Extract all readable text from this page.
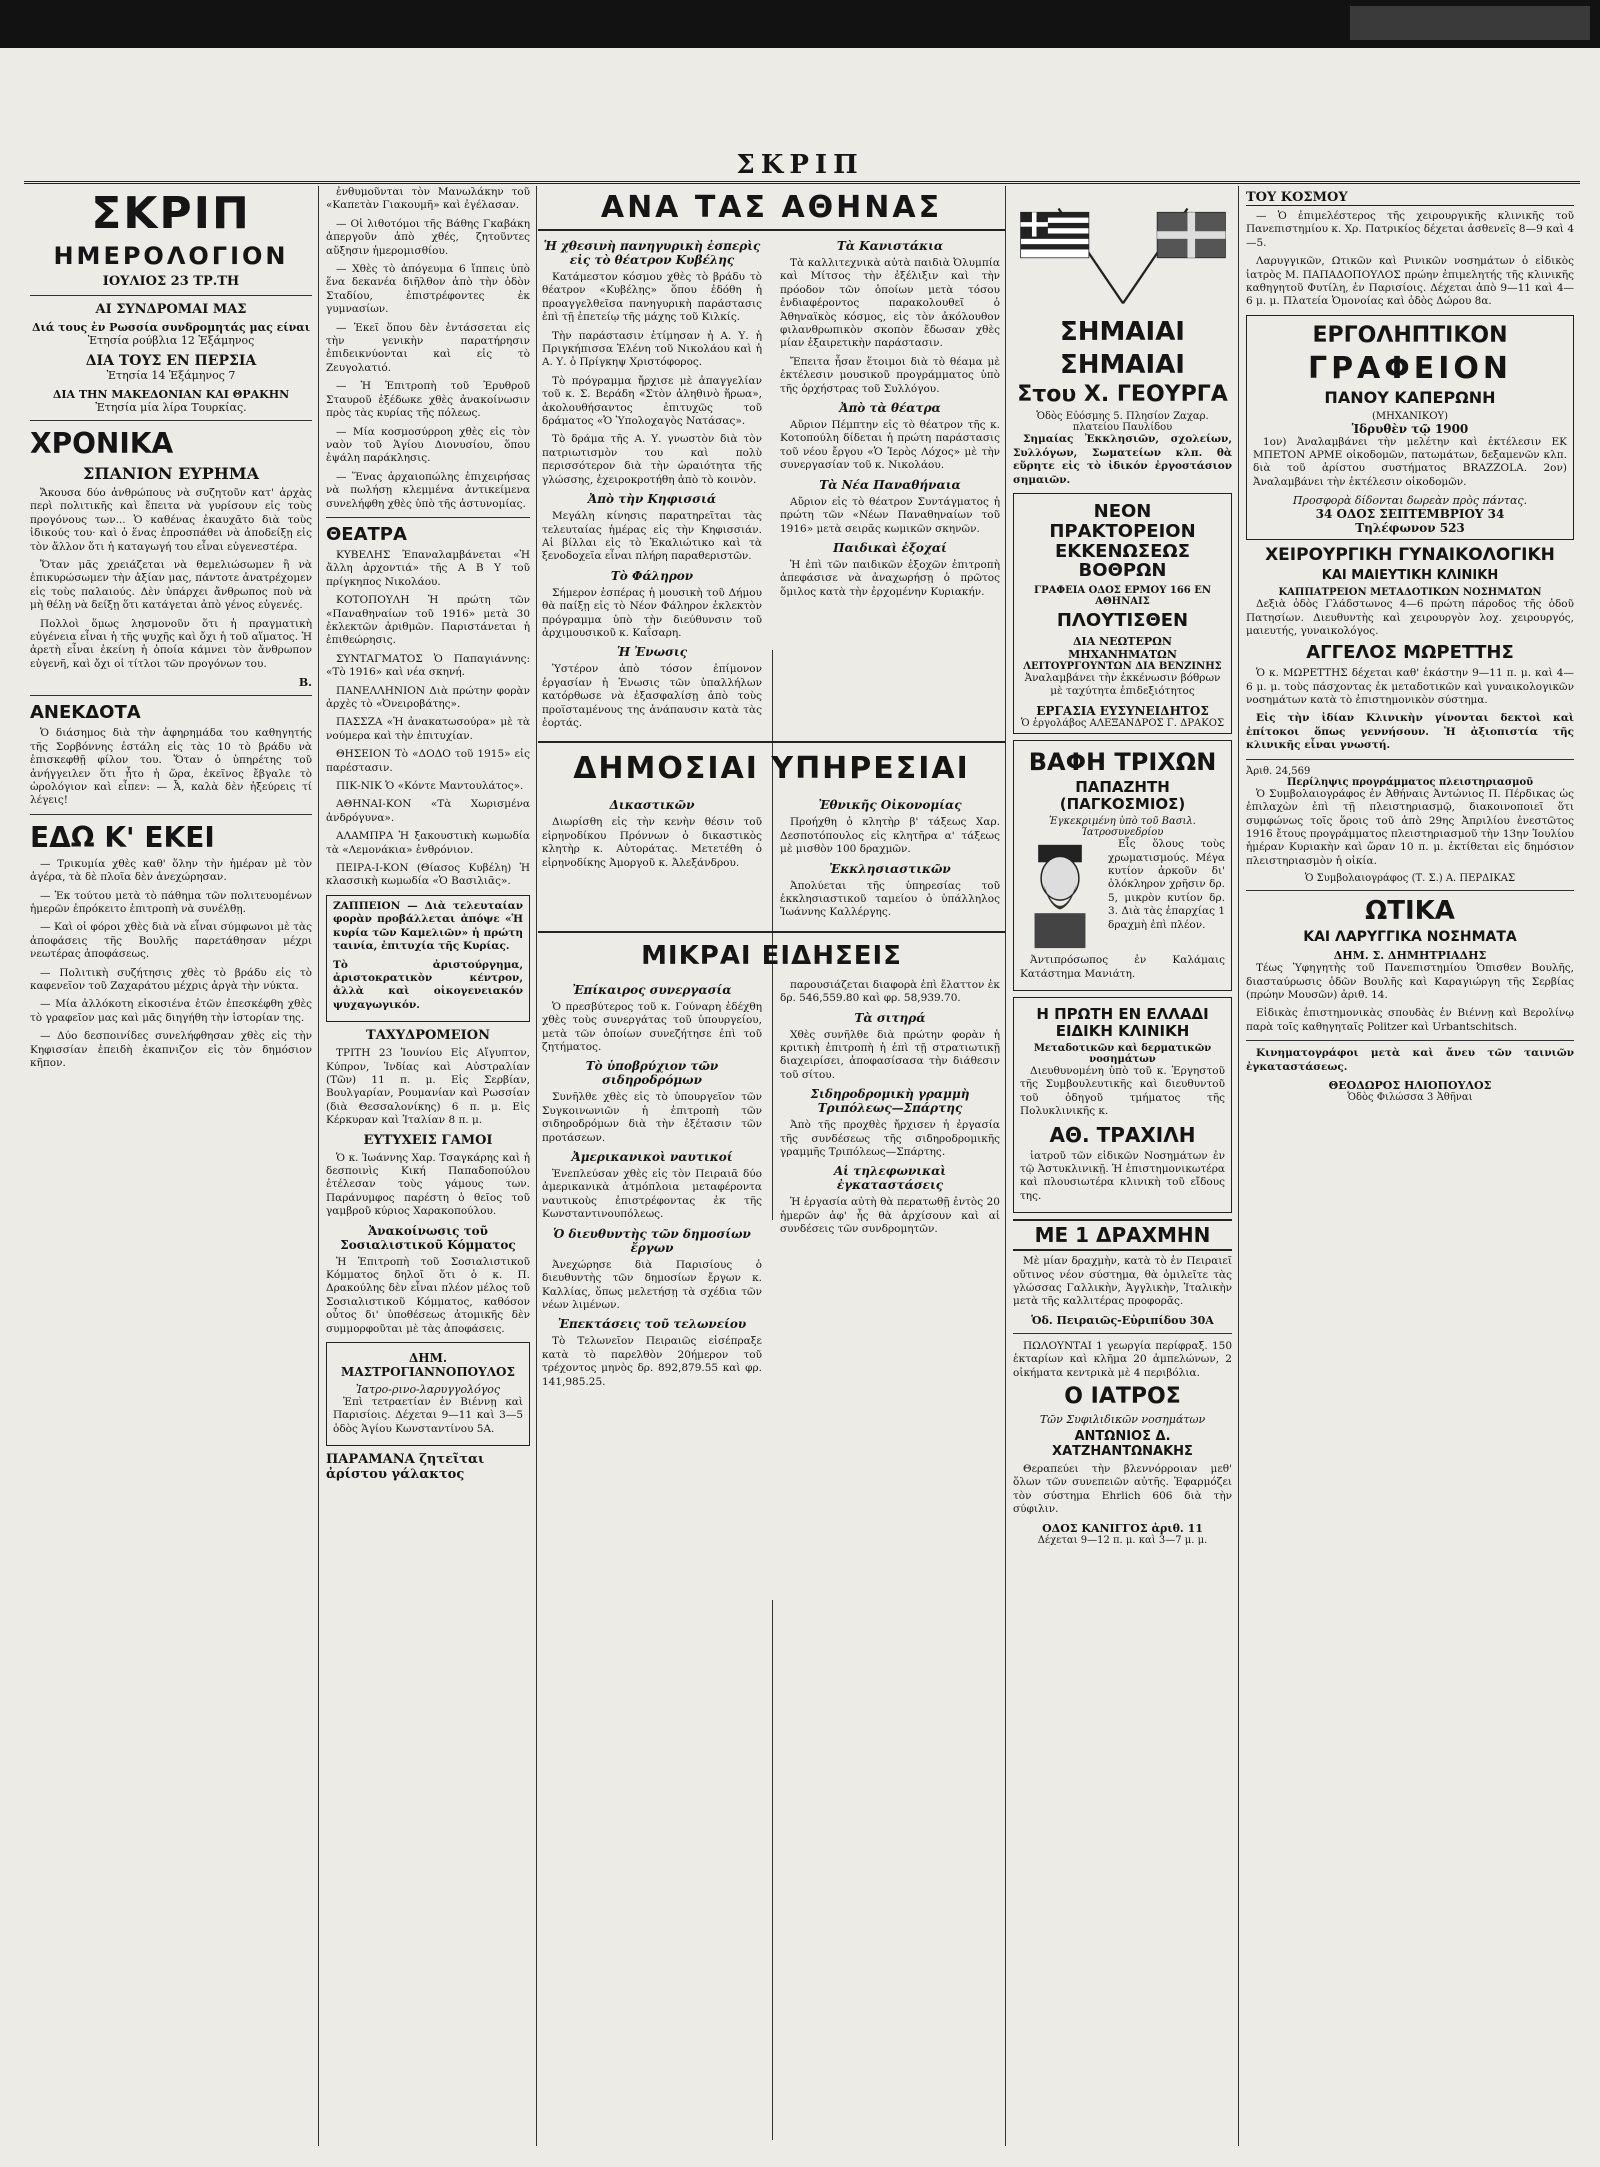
ΣΚΡΙΠ
ΣΚΡΙΠ
ΗΜΕΡΟΛΟΓΙΟΝ
ΙΟΥΛΙΟΣ 23 ΤΡ.ΤΗ
ΑΙ ΣΥΝΔΡΟΜΑΙ ΜΑΣ
Διά τους ἐν Ρωσσία συνδρομητάς μας είναι
Ἐτησία ρούβλια 12 Ἑξάμηνος
ΔΙΑ ΤΟΥΣ ΕΝ ΠΕΡΣΙΑ
Ἐτησία 14 Ἑξάμηνος 7
ΔΙΑ ΤΗΝ ΜΑΚΕΔΟΝΙΑΝ ΚΑΙ ΘΡΑΚΗΝ
Ἐτησία μία λίρα Τουρκίας.
ΧΡΟΝΙΚΑ
ΣΠΑΝΙΟΝ ΕΥΡΗΜΑ

Ἄκουσα δύο ἀνθρώπους νὰ συζητοῦν κατ' ἀρχὰς περὶ πολιτικῆς καὶ ἔπειτα νὰ γυρίσουν εἰς τοὺς προγόνους των... Ὁ καθένας ἐκαυχᾶτο διὰ τοὺς ἰδικούς του· καὶ ὁ ἕνας ἐπροσπάθει νὰ ἀποδείξῃ εἰς τὸν ἄλλον ὅτι ἡ καταγωγή του εἶναι εὐγενεστέρα.

Ὅταν μᾶς χρειάζεται νὰ θεμελιώσωμεν ἢ νὰ ἐπικυρώσωμεν τὴν ἀξίαν μας, πάντοτε ἀνατρέχομεν εἰς τοὺς παλαιούς. Δὲν ὑπάρχει ἄνθρωπος ποὺ νὰ μὴ θέλῃ νὰ δείξῃ ὅτι κατάγεται ἀπὸ γένος εὐγενές.

Πολλοὶ ὅμως λησμονοῦν ὅτι ἡ πραγματικὴ εὐγένεια εἶναι ἡ τῆς ψυχῆς καὶ ὄχι ἡ τοῦ αἵματος. Ἡ ἀρετὴ εἶναι ἐκείνη ἡ ὁποία κάμνει τὸν ἄνθρωπον εὐγενῆ, καὶ ὄχι οἱ τίτλοι τῶν προγόνων του.

Β.
ΑΝΕΚΔΟΤΑ

Ὁ διάσημος διὰ τὴν ἀφηρημάδα του καθηγητής τῆς Σορβόννης ἐστάλη εἰς τὰς 10 τὸ βράδυ νὰ ἐπισκεφθῇ φίλον του. Ὅταν ὁ ὑπηρέτης τοῦ ἀνήγγειλεν ὅτι ἦτο ἡ ὥρα, ἐκεῖνος ἔβγαλε τὸ ὡρολόγιον καὶ εἶπεν: — Ἆ, καλὰ δὲν ἠξεύρεις τί λέγεις!

ΕΔΩ Κ' ΕΚΕΙ

— Τρικυμία χθὲς καθ' ὅλην τὴν ἡμέραν μὲ τὸν ἀγέρα, τὰ δὲ πλοῖα δὲν ἀνεχώρησαν.

— Ἐκ τούτου μετὰ τὸ πάθημα τῶν πολιτευομένων ἡμερῶν ἐπρόκειτο ἐπιτροπὴ νὰ συνέλθῃ.

— Καὶ οἱ φόροι χθὲς διὰ νὰ εἶναι σύμφωνοι μὲ τὰς ἀποφάσεις τῆς Βουλῆς παρετάθησαν μέχρι νεωτέρας ἀποφάσεως.

— Πολιτικὴ συζήτησις χθὲς τὸ βράδυ εἰς τὸ καφενεῖον τοῦ Ζαχαράτου μέχρις ἀργὰ τὴν νύκτα.

— Μία ἀλλόκοτη εἰκοσιένα ἐτῶν ἐπεσκέφθη χθὲς τὸ γραφεῖον μας καὶ μᾶς διηγήθη τὴν ἱστορίαν της.

— Δύο δεσποινίδες συνελήφθησαν χθὲς εἰς τὴν Κηφισσίαν ἐπειδὴ ἐκαπνιζον εἰς τὸν δημόσιον κῆπον.

ἐνθυμοῦνται τὸν Μανωλάκην τοῦ «Καπετὰν Γιακουμῆ» καὶ ἐγέλασαν.

— Οἱ λιθοτόμοι τῆς Βάθης Γκαβάκη ἀπεργοῦν ἀπὸ χθές, ζητοῦντες αὔξησιν ἡμερομισθίου.

— Χθὲς τὸ ἀπόγευμα 6 ἴππεις ὑπὸ ἕνα δεκανέα διῆλθον ἀπὸ τὴν ὁδὸν Σταδίου, ἐπιστρέφοντες ἐκ γυμνασίων.

— Ἐκεῖ ὅπου δὲν ἐντάσσεται εἰς τὴν γενικὴν παρατήρησιν ἐπιδεικνύονται καὶ εἰς τὸ Ζευγολατιό.

— Ἡ Ἐπιτροπὴ τοῦ Ἐρυθροῦ Σταυροῦ ἐξέδωκε χθὲς ἀνακοίνωσιν πρὸς τὰς κυρίας τῆς πόλεως.

— Μία κοσμοσύρροη χθὲς εἰς τὸν ναὸν τοῦ Ἁγίου Διονυσίου, ὅπου ἐψάλη παράκλησις.

— Ἕνας ἀρχαιοπώλης ἐπιχειρήσας νὰ πωλήσῃ κλεμμένα ἀντικείμενα συνελήφθη χθὲς ὑπὸ τῆς ἀστυνομίας.

ΘΕΑΤΡΑ

ΚΥΒΕΛΗΣ Ἐπαναλαμβάνεται «Ἡ ἄλλη ἀρχοντιά» τῆς Α Β Υ τοῦ πρίγκηπος Νικολάου.

ΚΟΤΟΠΟΥΛΗ Ἡ πρώτη τῶν «Παναθηναίων τοῦ 1916» μετὰ 30 ἐκλεκτῶν ἀριθμῶν. Παριστάνεται ἡ ἐπιθεώρησις.

ΣΥΝΤΑΓΜΑΤΟΣ Ὁ Παπαγιάννης: «Τὸ 1916» καὶ νέα σκηνή.

ΠΑΝΕΛΛΗΝΙΟΝ Διὰ πρώτην φορὰν ἀρχὲς τὸ «Ὀνειροβάτης».

ΠΑΣΣΖΑ «Ἡ ἀνακατωσούρα» μὲ τὰ νούμερα καὶ τὴν ἐπιτυχίαν.

ΘΗΣΕΙΟΝ Τὸ «ΔΟΔΟ τοῦ 1915» εἰς παρέστασιν.

ΠΙΚ-ΝΙΚ Ὁ «Κόντε Μαντουλάτος».

ΑΘΗΝΑΙ-ΚΟΝ «Τὰ Χωρισμένα ἀνδρόγυνα».

ΑΛΑΜΠΡΑ Ἡ ξακουστικὴ κωμωδία τὰ «Λεμονάκια» ἐνθρόνιον.

ΠΕΙΡΑ-Ι-ΚΟΝ (Θίασος Κυβέλη) Ἡ κλασσικὴ κωμωδία «Ὁ Βασιλιᾶς».

ΖΑΠΠΕΙΟΝ — Διὰ τελευταίαν φορὰν προβάλλεται ἀπόψε «Ἡ κυρία τῶν Καμελιῶν» ἡ πρώτη ταινία, ἐπιτυχία τῆς Κυρίας.

Τὸ ἀριστούργημα, ἀριστοκρατικὸν κέντρον, ἀλλὰ καὶ οἰκογενειακόν ψυχαγωγικόν.

ΤΑΧΥΔΡΟΜΕΙΟΝ

ΤΡΙΤΗ 23 Ἰουνίου Εἰς Αἴγυπτον, Κύπρον, Ἰνδίας καὶ Αὐστραλίαν (Τῶν) 11 π. μ. Εἰς Σερβίαν, Βουλγαρίαν, Ρουμανίαν καὶ Ρωσσίαν (διὰ Θεσσαλονίκης) 6 π. μ. Εἰς Κέρκυραν καὶ Ἰταλίαν 8 π. μ.

ΕΥΤΥΧΕΙΣ ΓΑΜΟΙ

Ὁ κ. Ἰωάννης Χαρ. Τσαγκάρης καὶ ἡ δεσποινὶς Κική Παπαδοπούλου ἐτέλεσαν τοὺς γάμους των. Παράνυμφος παρέστη ὁ θεῖος τοῦ γαμβροῦ κύριος Χαρακοπούλου.

Ἀνακοίνωσις τοῦ Σοσιαλιστικοῦ Κόμματος

Ἡ Ἐπιτροπὴ τοῦ Σοσιαλιστικοῦ Κόμματος δηλοῖ ὅτι ὁ κ. Π. Δρακούλης δὲν εἶναι πλέον μέλος τοῦ Σοσιαλιστικοῦ Κόμματος, καθόσον οὗτος δι' ὑποθέσεως ἀτομικῆς δὲν συμμορφοῦται μὲ τὰς ἀποφάσεις.

ΔΗΜ. ΜΑΣΤΡΟΓΙΑΝΝΟΠΟΥΛΟΣ
Ἰατρο-ρινο-λαρυγγολόγος

Ἐπὶ τετραετίαν ἐν Βιέννῃ καὶ Παρισίοις. Δέχεται 9—11 καὶ 3—5 ὁδὸς Ἁγίου Κωνσταντίνου 5Α.

ΠΑΡΑΜΑΝΑ ζητεῖται ἀρίστου γάλακτος
ΑΝΑ ΤΑΣ ΑΘΗΝΑΣ
Ἡ χθεσινὴ πανηγυρικὴ ἐσπερὶς εἰς τὸ θέατρον Κυβέλης

Κατάμεστον κόσμου χθὲς τὸ βράδυ τὸ θέατρον «Κυβέλης» ὅπου ἐδόθη ἡ προαγγελθεῖσα πανηγυρικὴ παράστασις ἐπὶ τῇ ἐπετείῳ τῆς μάχης τοῦ Κιλκίς.

Τὴν παράστασιν ἐτίμησαν ἡ Α. Υ. ἡ Πριγκήπισσα Ἑλένη τοῦ Νικολάου καὶ ἡ Α. Υ. ὁ Πρίγκηψ Χριστόφορος.

Τὸ πρόγραμμα ἤρχισε μὲ ἀπαγγελίαν τοῦ κ. Σ. Βεράδη «Στὸν ἀληθινὸ ἥρωα», ἀκολουθήσαντος ἐπιτυχῶς τοῦ δράματος «Ὁ Ὑπολοχαγὸς Νατάσας».

Τὸ δράμα τῆς Α. Υ. γνωστὸν διὰ τὸν πατριωτισμὸν του καὶ πολὺ περισσότερον διὰ τὴν ὡραιότητα τῆς γλώσσης, ἐχειροκροτήθη ἀπὸ τὸ κοινὸν.

Ἀπὸ τὴν Κηφισσιά

Μεγάλη κίνησις παρατηρεῖται τὰς τελευταίας ἡμέρας εἰς τὴν Κηφισσιάν. Αἱ βίλλαι εἰς τὸ Ἑκαλιώτικο καὶ τὰ ξενοδοχεῖα εἶναι πλήρη παραθεριστῶν.

Τὸ Φάληρον

Σήμερον ἑσπέρας ἡ μουσικὴ τοῦ Δήμου θὰ παίξῃ εἰς τὸ Νέον Φάληρον ἐκλεκτὸν πρόγραμμα ὑπὸ τὴν διεύθυνσιν τοῦ ἀρχιμουσικοῦ κ. Καΐσαρη.

Ἡ Ἐνωσις

Ὑστέρον ἀπὸ τόσον ἐπίμονον ἐργασίαν ἡ Ἐνωσις τῶν ὑπαλλήλων κατόρθωσε νὰ ἐξασφαλίσῃ ἀπὸ τοὺς προϊσταμένους της ἀνάπαυσιν κατὰ τὰς ἑορτάς.

Τὰ Κανιστάκια

Τὰ καλλιτεχνικὰ αὐτὰ παιδιὰ Ὀλυμπία καὶ Μίτσος τὴν ἐξέλιξιν καὶ τὴν πρόοδον τῶν ὁποίων μετὰ τόσου ἐνδιαφέροντος παρακολουθεῖ ὁ Ἀθηναϊκὸς κόσμος, εἰς τὸν ἀκόλουθον φιλανθρωπικὸν σκοπὸν ἔδωσαν χθὲς μίαν ἐξαιρετικὴν παράστασιν.

Ἔπειτα ἦσαν ἕτοιμοι διὰ τὸ θέαμα μὲ ἐκτέλεσιν μουσικοῦ προγράμματος ὑπὸ τῆς ὀρχήστρας τοῦ Συλλόγου.

Ἀπὸ τὰ θέατρα

Αὔριον Πέμπτην εἰς τὸ θέατρον τῆς κ. Κοτοπούλη δίδεται ἡ πρώτη παράστασις τοῦ νέου ἔργου «Ὁ Ἰερὸς Λόχος» μὲ τὴν συνεργασίαν τοῦ κ. Νικολάου.

Τὰ Νέα Παναθήναια

Αὔριον εἰς τὸ θέατρον Συντάγματος ἡ πρώτη τῶν «Νέων Παναθηναίων τοῦ 1916» μετὰ σειρᾶς κωμικῶν σκηνῶν.

Παιδικαὶ ἐξοχαί

Ἡ ἐπὶ τῶν παιδικῶν ἐξοχῶν ἐπιτροπὴ ἀπεφάσισε νὰ ἀναχωρήσῃ ὁ πρῶτος ὅμιλος κατὰ τὴν ἐρχομένην Κυριακήν.

ΔΗΜΟΣΙΑΙ ΥΠΗΡΕΣΙΑΙ
Δικαστικῶν

Διωρίσθη εἰς τὴν κενὴν θέσιν τοῦ εἰρηνοδίκου Πρόννων ὁ δικαστικὸς κλητὴρ κ. Αὐτοράτας. Μετετέθη ὁ εἰρηνοδίκης Ἀμοργοῦ κ. Ἀλεξάνδρου.

Ἐθνικῆς Οἰκονομίας

Προήχθη ὁ κλητὴρ β' τάξεως Χαρ. Δεσποτόπουλος εἰς κλητῆρα α' τάξεως μὲ μισθὸν 100 δραχμῶν.

Ἐκκλησιαστικῶν

Ἀπολύεται τῆς ὑπηρεσίας τοῦ ἐκκλησιαστικοῦ ταμείου ὁ ὑπάλληλος Ἰωάννης Καλλέργης.

ΜΙΚΡΑΙ ΕΙΔΗΣΕΙΣ
Ἐπίκαιρος συνεργασία

Ὁ πρεσβύτερος τοῦ κ. Γούναρη ἐδέχθη χθὲς τοὺς συνεργάτας τοῦ ὑπουργείου, μετὰ τῶν ὁποίων συνεζήτησε ἐπὶ τοῦ ζητήματος.

Τὸ ὑποβρύχιον τῶν σιδηροδρόμων

Συνῆλθε χθὲς εἰς τὸ ὑπουργεῖον τῶν Συγκοινωνιῶν ἡ ἐπιτροπὴ τῶν σιδηροδρόμων διὰ τὴν ἐξέτασιν τῶν προτάσεων.

Ἀμερικανικοὶ ναυτικοί

Ἐνεπλεύσαν χθὲς εἰς τὸν Πειραιᾶ δύο ἀμερικανικὰ ἀτμόπλοια μεταφέροντα ναυτικοὺς ἐπιστρέφοντας ἐκ τῆς Κωνσταντινουπόλεως.

Ὁ διευθυντὴς τῶν δημοσίων ἔργων

Ἀνεχώρησε διὰ Παρισίους ὁ διευθυντὴς τῶν δημοσίων ἔργων κ. Καλλίας, ὅπως μελετήσῃ τὰ σχέδια τῶν νέων λιμένων.

Ἐπεκτάσεις τοῦ τελωνείου

Τὸ Τελωνεῖον Πειραιῶς εἰσέπραξε κατὰ τὸ παρελθὸν 20ήμερον τοῦ τρέχοντος μηνὸς δρ. 892,879.55 καὶ φρ. 141,985.25.

παρουσιάζεται διαφορὰ ἐπὶ ἔλαττον ἐκ δρ. 546,559.80 καὶ φρ. 58,939.70.

Τὰ σιτηρά

Χθὲς συνῆλθε διὰ πρώτην φορὰν ἡ κριτικὴ ἐπιτροπὴ ἡ ἐπὶ τῇ στρατιωτικῇ διαχειρίσει, ἀποφασίσασα τὴν διάθεσιν τοῦ σίτου.

Σιδηροδρομικὴ γραμμὴ Τριπόλεως—Σπάρτης

Ἀπὸ τῆς προχθὲς ἤρχισεν ἡ ἐργασία τῆς συνδέσεως τῆς σιδηροδρομικῆς γραμμῆς Τριπόλεως—Σπάρτης.

Αἱ τηλεφωνικαὶ ἐγκαταστάσεις

Ἡ ἐργασία αὐτὴ θὰ περατωθῇ ἐντὸς 20 ἡμερῶν ἀφ' ἧς θὰ ἀρχίσουν καὶ αἱ συνδέσεις τῶν συνδρομητῶν.

ΣΗΜΑΙΑΙ
ΣΗΜΑΙΑΙ
Στου Χ. ΓΕΟΥΡΓΑ
Ὁδὸς Εὐόσμης 5. Πλησίον Ζαχαρ. πλατείου Παυλίδου

Σημαίας Ἐκκλησιῶν, σχολείων, Συλλόγων, Σωματείων κλπ. θὰ εὕρητε εἰς τὸ ἰδικόν ἐργοστάσιον σημαιῶν.

ΝΕΟΝ ΠΡΑΚΤΟΡΕΙΟΝ ΕΚΚΕΝΩΣΕΩΣ ΒΟΘΡΩΝ
ΓΡΑΦΕΙΑ ΟΔΟΣ ΕΡΜΟΥ 166 ΕΝ ΑΘΗΝΑΙΣ
ΠΛΟΥΤΙΣΘΕΝ
ΔΙΑ ΝΕΩΤΕΡΩΝ ΜΗΧΑΝΗΜΑΤΩΝ
ΛΕΙΤΟΥΡΓΟΥΝΤΩΝ ΔΙΑ ΒΕΝΖΙΝΗΣ

Ἀναλαμβάνει τὴν ἐκκένωσιν βόθρων μὲ ταχύτητα ἐπιδεξιότητος

ΕΡΓΑΣΙΑ ΕΥΣΥΝΕΙΔΗΤΟΣ
Ὁ ἐργολάβος ΑΛΕΞΑΝΔΡΟΣ Γ. ΔΡΑΚΟΣ
ΒΑΦΗ ΤΡΙΧΩΝ
ΠΑΠΑΖΗΤΗ (ΠΑΓΚΟΣΜΙΟΣ)
Ἐγκεκριμένη ὑπὸ τοῦ Βασιλ. Ἰατροσυνεδρίου

Εἶς ὅλους τοὺς χρωματισμούς. Μέγα κυτίον ἀρκοῦν δι' ὁλόκληρον χρῆσιν δρ. 5, μικρὸν κυτίον δρ. 3. Διὰ τὰς ἐπαρχίας 1 δραχμὴ ἐπὶ πλέον.

Ἀντιπρόσωπος ἐν Καλάμαις Κατάστημα Μανιάτη.

Η ΠΡΩΤΗ ΕΝ ΕΛΛΑΔΙ ΕΙΔΙΚΗ ΚΛΙΝΙΚΗ
Μεταδοτικῶν καὶ δερματικῶν νοσημάτων

Διευθυνομένη ὑπὸ τοῦ κ. Ἐργηστοῦ τῆς Συμβουλευτικῆς καὶ διευθυντοῦ τοῦ ὁδηγοῦ τμήματος τῆς Πολυκλινικῆς κ.

ΑΘ. ΤΡΑΧΙΛΗ

ἰατροῦ τῶν εἰδικῶν Νοσημάτων ἐν τῷ Ἀστυκλινικῇ. Ἡ ἐπιστημονικωτέρα καὶ πλουσιωτέρα κλινικὴ τοῦ εἴδους της.

ΜΕ 1 ΔΡΑΧΜΗΝ

Μὲ μίαν δραχμὴν, κατὰ τὸ ἐν Πειραιεῖ οὔτινος νέον σύστημα, θὰ ὁμιλεῖτε τὰς γλώσσας Γαλλικὴν, Ἀγγλικὴν, Ἰταλικὴν μετὰ τῆς καλλιτέρας προφορᾶς.

Ὁδ. Πειραιῶς-Εὐριπίδου 30Α

ΠΩΛΟΥΝΤΑΙ 1 γεωργία περίφραξ. 150 ἑκταρίων καὶ κλῆμα 20 ἀμπελώνων, 2 οἰκήματα κεντρικὰ μὲ 4 περιβόλια.

Ο ΙΑΤΡΟΣ
Τῶν Συφιλιδικῶν νοσημάτων
ΑΝΤΩΝΙΟΣ Δ. ΧΑΤΖΗΑΝΤΩΝΑΚΗΣ

Θεραπεύει τὴν βλεννόρροιαν μεθ' ὅλων τῶν συνεπειῶν αὐτῆς. Ἐφαρμόζει τὸν σύστημα Ehrlich 606 διὰ τὴν σύφιλιν.

ΟΔΟΣ ΚΑΝΙΓΓΟΣ ἀριθ. 11
Δέχεται 9—12 π. μ. καὶ 3—7 μ. μ.
ΤΟΥ ΚΟΣΜΟΥ

— Ὁ ἐπιμελέστερος τῆς χειρουργικῆς κλινικῆς τοῦ Πανεπιστημίου κ. Χρ. Πατρικίος δέχεται ἀσθενεῖς 8—9 καὶ 4—5.

Λαρυγγικῶν, Ωτικῶν καὶ Ρινικῶν νοσημάτων ὁ εἰδικὸς ἰατρὸς Μ. ΠΑΠΑΔΟΠΟΥΛΟΣ πρώην ἐπιμελητής τῆς κλινικῆς καθηγητοῦ Φυτίλη, ἐν Παρισίοις. Δέχεται ἀπὸ 9—11 καὶ 4—6 μ. μ. Πλατεία Ὁμονοίας καὶ ὁδὸς Δώρου 8α.

ΕΡΓΟΛΗΠΤΙΚΟΝ
ΓΡΑΦΕΙΟΝ
ΠΑΝΟΥ ΚΑΠΕΡΩΝΗ
(ΜΗΧΑΝΙΚΟΥ)
Ἱδρυθὲν τῷ 1900

1ον) Ἀναλαμβάνει τὴν μελέτην καὶ ἐκτέλεσιν ΕΚ ΜΠΕΤΟΝ ΑΡΜΕ οἰκοδομῶν, πατωμάτων, δεξαμενῶν κλπ. διὰ τοῦ ἀρίστου συστήματος BRAZZOLA. 2ον) Ἀναλαμβάνει τὴν ἐκτέλεσιν οἰκοδομῶν.

Προσφορὰ δίδονται δωρεὰν πρὸς πάντας.
34 ΟΔΟΣ ΣΕΠΤΕΜΒΡΙΟΥ 34
Τηλέφωνον 523
ΧΕΙΡΟΥΡΓΙΚΗ ΓΥΝΑΙΚΟΛΟΓΙΚΗ
ΚΑΙ ΜΑΙΕΥΤΙΚΗ ΚΛΙΝΙΚΗ
ΚΑΠΠΑΤΡΕΙΟΝ ΜΕΤΑΔΟΤΙΚΩΝ ΝΟΣΗΜΑΤΩΝ

Δεξιὰ ὁδὸς Γλάδστωνος 4—6 πρώτη πάροδος τῆς ὁδοῦ Πατησίων. Διευθυντὴς καὶ χειρουργὸν λοχ. χειρουργός, μαιευτής, γυναικολόγος.

ΑΓΓΕΛΟΣ ΜΩΡΕΤΤΗΣ

Ὁ κ. ΜΩΡΕΤΤΗΣ δέχεται καθ' ἑκάστην 9—11 π. μ. καὶ 4—6 μ. μ. τοὺς πάσχοντας ἐκ μεταδοτικῶν καὶ γυναικολογικῶν νοσημάτων κατὰ τὸ ἐπιστημονικὸν σύστημα.

Εἰς τὴν ἰδίαν Κλινικὴν γίνονται δεκτοὶ καὶ ἐπίτοκοι ὅπως γεννήσουν. Ἡ ἀξιοπιστία τῆς κλινικῆς εἶναι γνωστή.

Ἀριθ. 24,569
Περίληψις προγράμματος πλειστηριασμοῦ

Ὁ Συμβολαιογράφος ἐν Ἀθήναις Ἀντώνιος Π. Πέρδικας ὡς ἐπιλαχὼν ἐπὶ τῇ πλειστηριασμῷ, διακοινοποιεῖ ὅτι συμφώνως τοῖς ὅροις τοῦ ἀπὸ 29ης Ἀπριλίου ἐνεστῶτος 1916 ἔτους προγράμματος πλειστηριασμοῦ τὴν 13ην Ἰουλίου ἡμέραν Κυριακὴν καὶ ὥραν 10 π. μ. ἐκτίθεται εἰς δημόσιον πλειστηριασμὸν ἡ οἰκία.

Ὁ Συμβολαιογράφος (Τ. Σ.) Α. ΠΕΡΔΙΚΑΣ
ΩΤΙΚΑ
ΚΑΙ ΛΑΡΥΓΓΙΚΑ ΝΟΣΗΜΑΤΑ
ΔΗΜ. Σ. ΔΗΜΗΤΡΙΑΔΗΣ

Τέως Ὑφηγητὴς τοῦ Πανεπιστημίου Ὀπισθεν Βουλῆς, διασταύρωσις ὁδῶν Βουλῆς καὶ Καραγιώργη τῆς Σερβίας (πρώην Μουσῶν) ἀριθ. 14.

Εἰδικὰς ἐπιστημονικὰς σπουδὰς ἐν Βιέννῃ καὶ Βερολίνῳ παρὰ τοῖς καθηγηταῖς Politzer καὶ Urbantschitsch.

Κινηματογράφοι μετὰ καὶ ἄνευ τῶν ταινιῶν ἐγκαταστάσεως.

ΘΕΟΔΩΡΟΣ ΗΛΙΟΠΟΥΛΟΣ
Ὁδὸς Φιλώσσα 3 Ἀθῆναι
